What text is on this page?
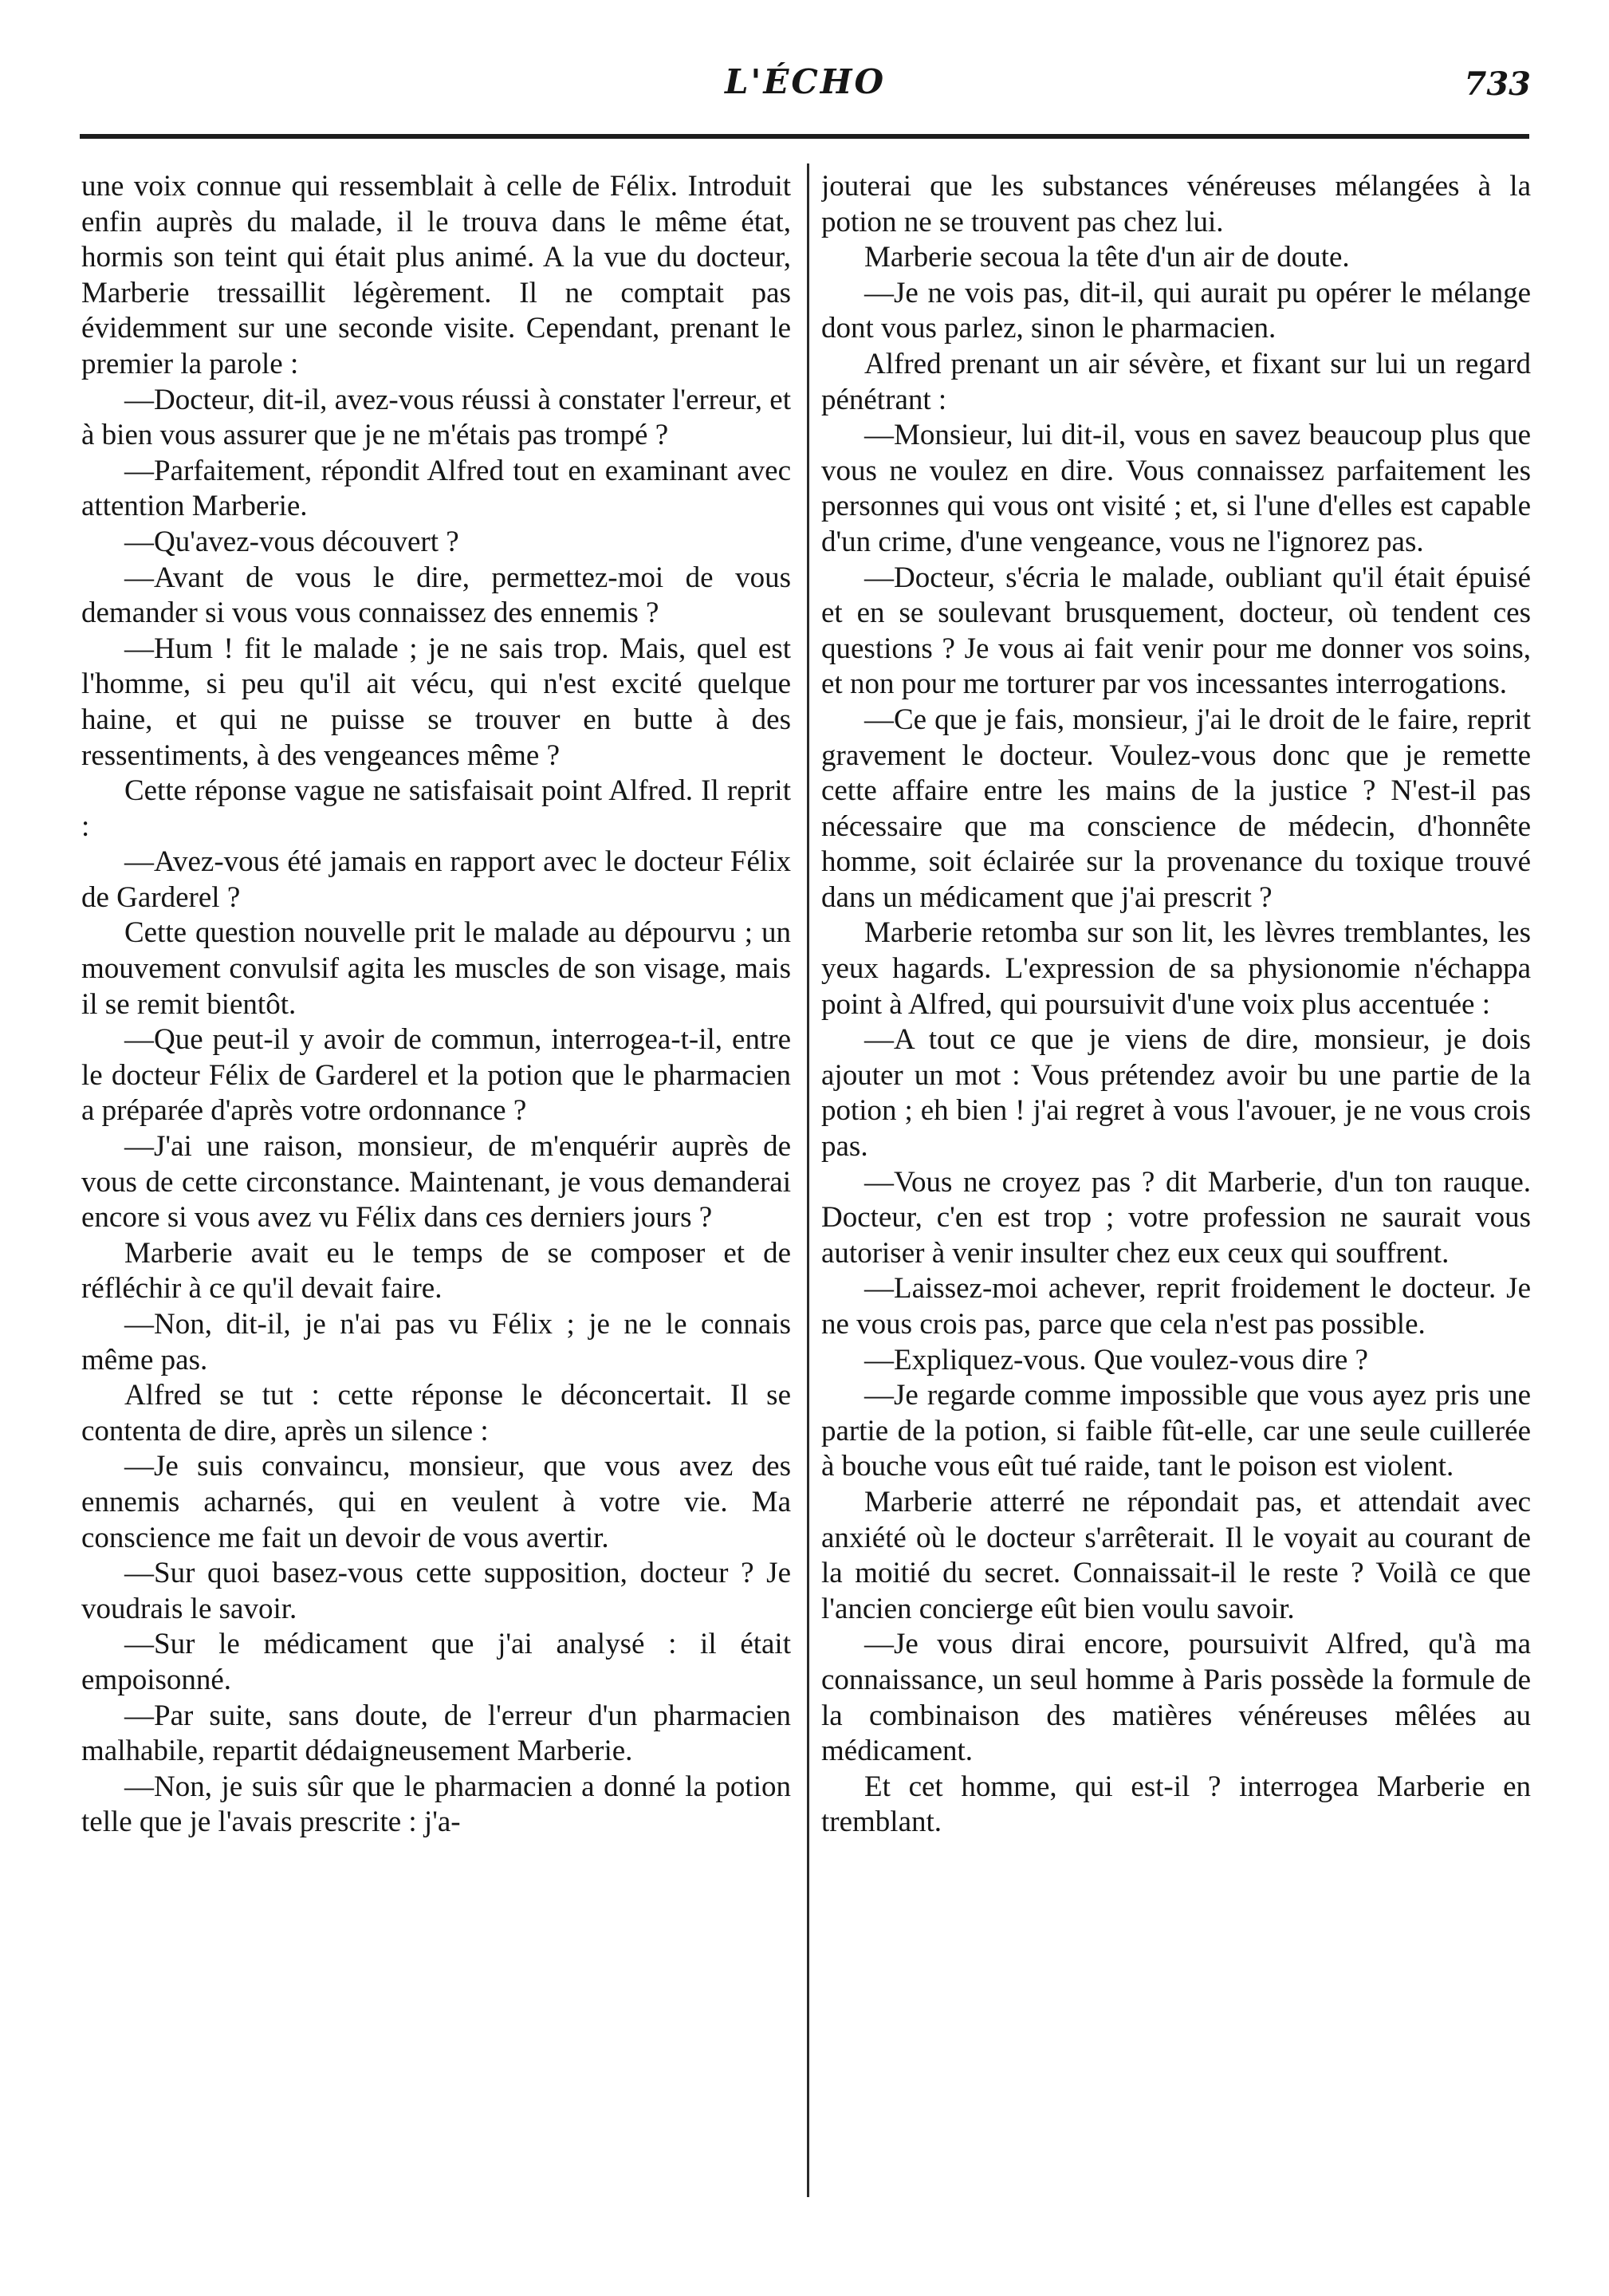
L'ÉCHO	733

une voix connue qui ressemblait à celle de Félix. Introduit enfin auprès du malade, il le trouva dans le même état, hormis son teint qui était plus animé. A la vue du docteur, Marberie tressaillit légèrement. Il ne comptait pas évidemment sur une seconde visite. Cependant, prenant le premier la parole :

—Docteur, dit-il, avez-vous réussi à constater l'erreur, et à bien vous assurer que je ne m'étais pas trompé ?

—Parfaitement, répondit Alfred tout en examinant avec attention Marberie.

—Qu'avez-vous découvert ?

—Avant de vous le dire, permettez-moi de vous demander si vous vous connaissez des ennemis ?

—Hum ! fit le malade ; je ne sais trop. Mais, quel est l'homme, si peu qu'il ait vécu, qui n'est excité quelque haine, et qui ne puisse se trouver en butte à des ressentiments, à des vengeances même ?

Cette réponse vague ne satisfaisait point Alfred. Il reprit :

—Avez-vous été jamais en rapport avec le docteur Félix de Garderel ?

Cette question nouvelle prit le malade au dépourvu ; un mouvement convulsif agita les muscles de son visage, mais il se remit bientôt.

—Que peut-il y avoir de commun, interrogea-t-il, entre le docteur Félix de Garderel et la potion que le pharmacien a préparée d'après votre ordonnance ?

—J'ai une raison, monsieur, de m'enquérir auprès de vous de cette circonstance. Maintenant, je vous demanderai encore si vous avez vu Félix dans ces derniers jours ?

Marberie avait eu le temps de se composer et de réfléchir à ce qu'il devait faire.

—Non, dit-il, je n'ai pas vu Félix ; je ne le connais même pas.

Alfred se tut : cette réponse le déconcertait. Il se contenta de dire, après un silence :

—Je suis convaincu, monsieur, que vous avez des ennemis acharnés, qui en veulent à votre vie. Ma conscience me fait un devoir de vous avertir.

—Sur quoi basez-vous cette supposition, docteur ? Je voudrais le savoir.

—Sur le médicament que j'ai analysé : il était empoisonné.

—Par suite, sans doute, de l'erreur d'un pharmacien malhabile, repartit dédaigneusement Marberie.

—Non, je suis sûr que le pharmacien a donné la potion telle que je l'avais prescrite : j'a-

jouterai que les substances vénéreuses mélangées à la potion ne se trouvent pas chez lui.

Marberie secoua la tête d'un air de doute.

—Je ne vois pas, dit-il, qui aurait pu opérer le mélange dont vous parlez, sinon le pharmacien.

Alfred prenant un air sévère, et fixant sur lui un regard pénétrant :

—Monsieur, lui dit-il, vous en savez beaucoup plus que vous ne voulez en dire. Vous connaissez parfaitement les personnes qui vous ont visité ; et, si l'une d'elles est capable d'un crime, d'une vengeance, vous ne l'ignorez pas.

—Docteur, s'écria le malade, oubliant qu'il était épuisé et en se soulevant brusquement, docteur, où tendent ces questions ? Je vous ai fait venir pour me donner vos soins, et non pour me torturer par vos incessantes interrogations.

—Ce que je fais, monsieur, j'ai le droit de le faire, reprit gravement le docteur. Voulez-vous donc que je remette cette affaire entre les mains de la justice ? N'est-il pas nécessaire que ma conscience de médecin, d'honnête homme, soit éclairée sur la provenance du toxique trouvé dans un médicament que j'ai prescrit ?

Marberie retomba sur son lit, les lèvres tremblantes, les yeux hagards. L'expression de sa physionomie n'échappa point à Alfred, qui poursuivit d'une voix plus accentuée :

—A tout ce que je viens de dire, monsieur, je dois ajouter un mot : Vous prétendez avoir bu une partie de la potion ; eh bien ! j'ai regret à vous l'avouer, je ne vous crois pas.

—Vous ne croyez pas ? dit Marberie, d'un ton rauque. Docteur, c'en est trop ; votre profession ne saurait vous autoriser à venir insulter chez eux ceux qui souffrent.

—Laissez-moi achever, reprit froidement le docteur. Je ne vous crois pas, parce que cela n'est pas possible.

—Expliquez-vous. Que voulez-vous dire ?

—Je regarde comme impossible que vous ayez pris une partie de la potion, si faible fût-elle, car une seule cuillerée à bouche vous eût tué raide, tant le poison est violent.

Marberie atterré ne répondait pas, et attendait avec anxiété où le docteur s'arrêterait. Il le voyait au courant de la moitié du secret. Connaissait-il le reste ? Voilà ce que l'ancien concierge eût bien voulu savoir.

—Je vous dirai encore, poursuivit Alfred, qu'à ma connaissance, un seul homme à Paris possède la formule de la combinaison des matières vénéreuses mêlées au médicament.

Et cet homme, qui est-il ? interrogea Marberie en tremblant.
